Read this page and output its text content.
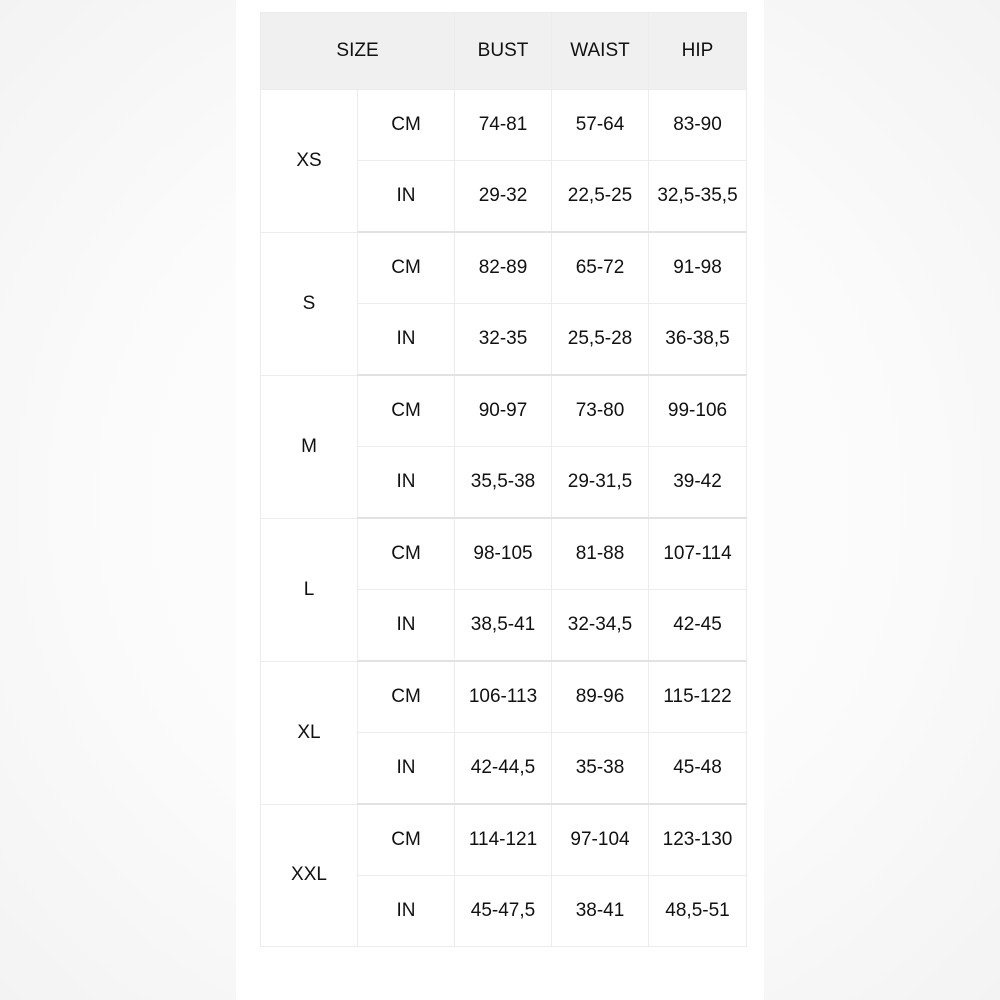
SIZE		BUST	WAIST	HIP
XS	CM	74-81	57-64	83-90
	IN	29-32	22,5-25	32,5-35,5
S	CM	82-89	65-72	91-98
	IN	32-35	25,5-28	36-38,5
M	CM	90-97	73-80	99-106
	IN	35,5-38	29-31,5	39-42
L	CM	98-105	81-88	107-114
	IN	38,5-41	32-34,5	42-45
XL	CM	106-113	89-96	115-122
	IN	42-44,5	35-38	45-48
XXL	CM	114-121	97-104	123-130
	IN	45-47,5	38-41	48,5-51
